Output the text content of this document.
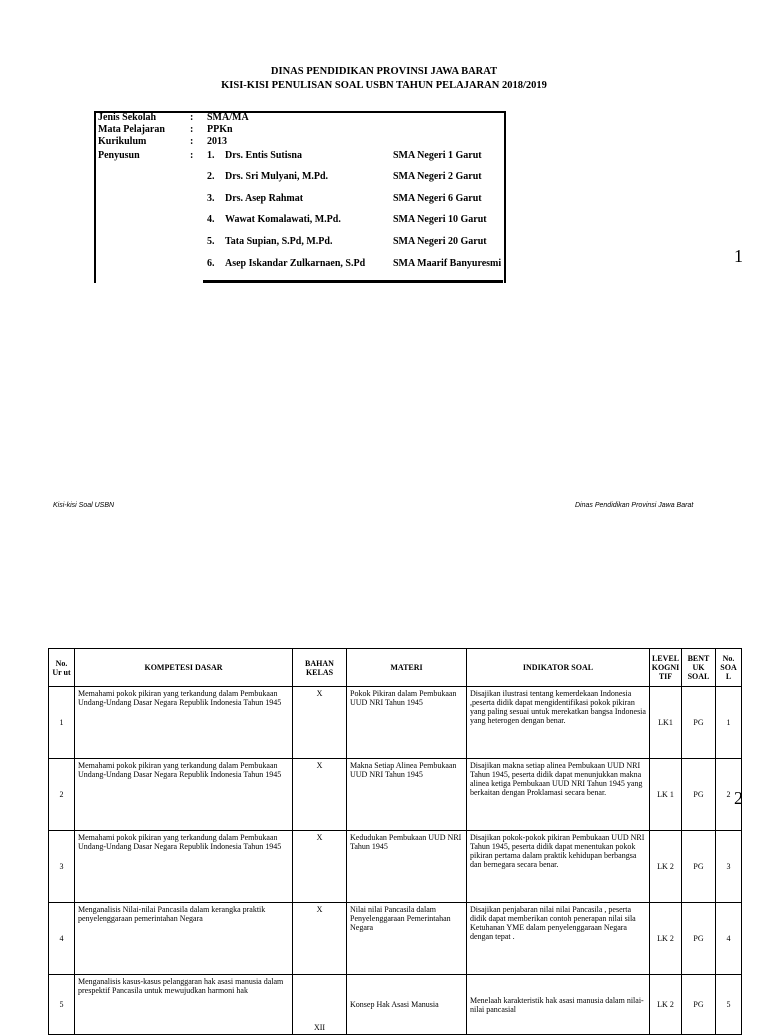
DINAS PENDIDIKAN PROVINSI JAWA BARAT
KISI-KISI PENULISAN SOAL USBN TAHUN PELAJARAN 2018/2019
Jenis Sekolah	: SMA/MA
Mata Pelajaran	: PPKn
Kurikulum	: 2013
Penyusun	: 1. Drs. Entis Sutisna	SMA Negeri 1 Garut
2. Drs. Sri Mulyani, M.Pd.	SMA Negeri 2 Garut
3. Drs. Asep Rahmat	SMA Negeri 6 Garut
4. Wawat Komalawati, M.Pd.	SMA Negeri 10 Garut
5. Tata Supian, S.Pd, M.Pd.	SMA Negeri 20 Garut
6. Asep Iskandar Zulkarnaen, S.Pd	SMA Maarif Banyuresmi	1
Kisi-kisi Soal USBN	Dinas Pendidikan Provinsi Jawa Barat
2
No. Ur ut	KOMPETESI DASAR	BAHAN KELAS	MATERI	INDIKATOR SOAL	LEVEL KOGNI TIF	BENT UK SOAL	No. SOA L
1	Memahami pokok pikiran yang terkandung dalam Pembukaan Undang-Undang Dasar Negara Republik Indonesia Tahun 1945	X	Pokok Pikiran dalam Pembukaan UUD NRI Tahun 1945	Disajikan ilustrasi tentang kemerdekaan Indonesia ,peserta didik dapat mengidentifikasi pokok pikiran yang paling sesuai untuk merekatkan bangsa Indonesia yang heterogen dengan benar.	LK1	PG	1
2	Memahami pokok pikiran yang terkandung dalam Pembukaan Undang-Undang Dasar Negara Republik Indonesia Tahun 1945	X	Makna Setiap Alinea Pembukaan UUD NRI Tahun 1945	Disajikan makna setiap alinea Pembukaan UUD NRI Tahun 1945, peserta didik dapat menunjukkan makna alinea ketiga Pembukaan UUD NRI Tahun 1945 yang berkaitan dengan Proklamasi secara benar.	LK 1	PG	2
3	Memahami pokok pikiran yang terkandung dalam Pembukaan Undang-Undang Dasar Negara Republik Indonesia Tahun 1945	X	Kedudukan Pembukaan UUD NRI Tahun 1945	Disajikan pokok-pokok pikiran Pembukaan UUD NRI Tahun 1945, peserta didik dapat menentukan pokok pikiran pertama dalam praktik kehidupan berbangsa dan bernegara secara benar.	LK 2	PG	3
4	Menganalisis Nilai-nilai Pancasila dalam kerangka praktik penyelenggaraan pemerintahan Negara	X	Nilai nilai Pancasila dalam Penyelenggaraan Pemerintahan Negara	Disajikan penjabaran nilai nilai Pancasila , peserta didik dapat memberikan contoh penerapan nilai sila Ketuhanan YME dalam penyelenggaraan Negara dengan tepat .	LK 2	PG	4
5	Menganalisis kasus-kasus pelanggaran hak asasi manusia dalam prespektif Pancasila untuk mewujudkan harmoni hak	XII	Konsep Hak Asasi Manusia	Menelaah karakteristik hak asasi manusia dalam nilai-nilai pancasial	LK 2	PG	5
